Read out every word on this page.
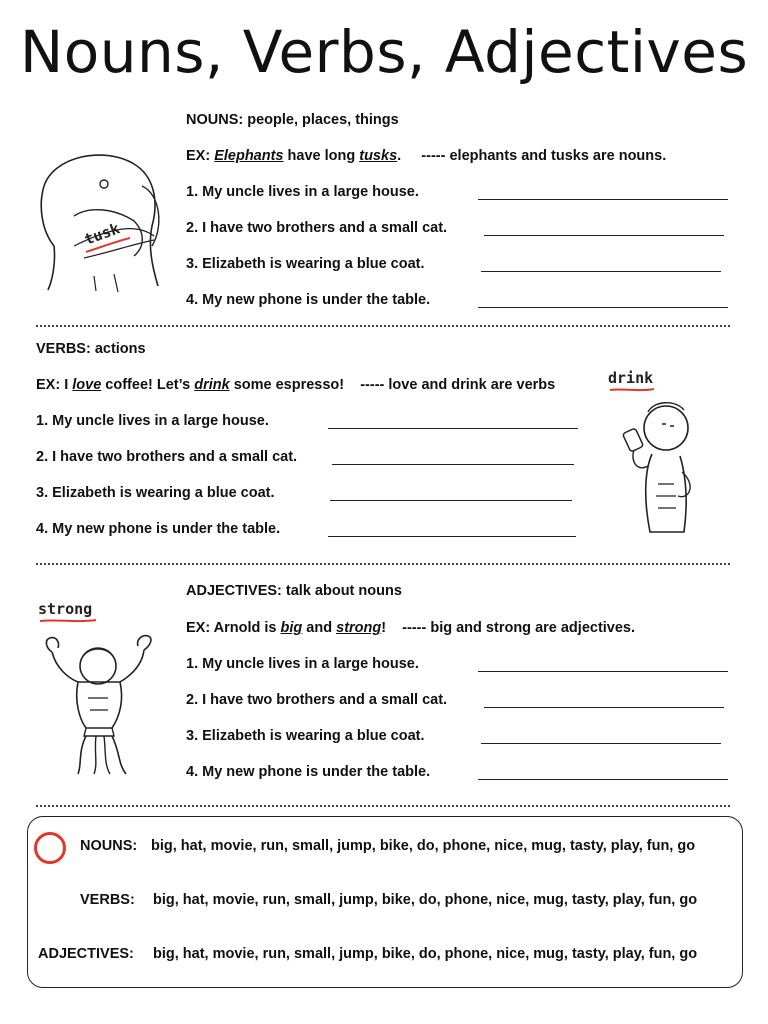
Nouns, Verbs, Adjectives
tusk
NOUNS: people, places, things
EX: Elephants have long tusks.     ----- elephants and tusks are nouns.
1. My uncle lives in a large house.
2. I have two brothers and a small cat.
3. Elizabeth is wearing a blue coat.
4. My new phone is under the table.
VERBS: actions
EX: I love coffee! Let’s drink some espresso!    ----- love and drink are verbs
1. My uncle lives in a large house.
2. I have two brothers and a small cat.
3. Elizabeth is wearing a blue coat.
4. My new phone is under the table.
drink
strong
ADJECTIVES: talk about nouns
EX: Arnold is big and strong!    ----- big and strong are adjectives.
1. My uncle lives in a large house.
2. I have two brothers and a small cat.
3. Elizabeth is wearing a blue coat.
4. My new phone is under the table.
NOUNS: big, hat, movie, run, small, jump, bike, do, phone, nice, mug, tasty, play, fun, go
VERBS: big, hat, movie, run, small, jump, bike, do, phone, nice, mug, tasty, play, fun, go
ADJECTIVES: big, hat, movie, run, small, jump, bike, do, phone, nice, mug, tasty, play, fun, go
